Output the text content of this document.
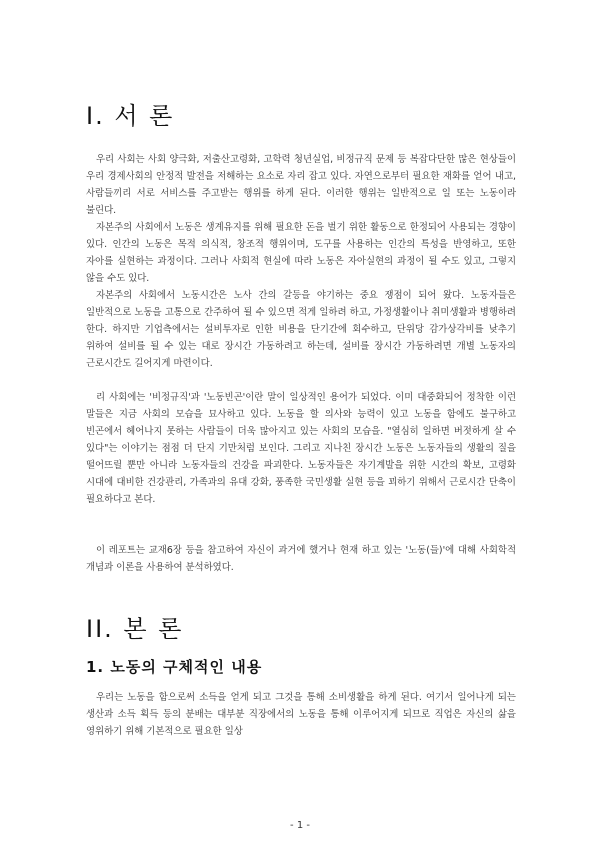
I. 서 론

우리 사회는 사회 양극화, 저출산고령화, 고학력 청년실업, 비정규직 문제 등 복잡다단한 많은 현상들이 우리 경제사회의 안정적 발전을 저해하는 요소로 자리 잡고 있다. 자연으로부터 필요한 재화를 얻어 내고, 사람들끼리 서로 서비스를 주고받는 행위를 하게 된다. 이러한 행위는 일반적으로 일 또는 노동이라 불린다.

자본주의 사회에서 노동은 생계유지를 위해 필요한 돈을 벌기 위한 활동으로 한정되어 사용되는 경향이 있다. 인간의 노동은 목적 의식적, 창조적 행위이며, 도구를 사용하는 인간의 특성을 반영하고, 또한 자아를 실현하는 과정이다. 그러나 사회적 현실에 따라 노동은 자아실현의 과정이 될 수도 있고, 그렇지 않을 수도 있다.

자본주의 사회에서 노동시간은 노사 간의 갈등을 야기하는 중요 쟁점이 되어 왔다. 노동자들은 일반적으로 노동을 고통으로 간주하여 될 수 있으면 적게 일하려 하고, 가정생활이나 취미생활과 병행하려 한다. 하지만 기업측에서는 설비투자로 인한 비용을 단기간에 회수하고, 단위당 감가상각비를 낮추기 위하여 설비를 될 수 있는 대로 장시간 가동하려고 하는데, 설비를 장시간 가동하려면 개별 노동자의 근로시간도 길어지게 마련이다.

리 사회에는 '비정규직'과 '노동빈곤'이란 말이 일상적인 용어가 되었다. 이미 대중화되어 정착한 이런 말들은 지금 사회의 모습을 묘사하고 있다. 노동을 할 의사와 능력이 있고 노동을 함에도 불구하고 빈곤에서 헤어나지 못하는 사람들이 더욱 많아지고 있는 사회의 모습을. "열심히 일하면 버젓하게 살 수 있다"는 이야기는 점점 더 단지 기만처럼 보인다. 그리고 지나친 장시간 노동은 노동자들의 생활의 질을 떨어뜨릴 뿐만 아니라 노동자들의 건강을 파괴한다. 노동자들은 자기계발을 위한 시간의 확보, 고령화 시대에 대비한 건강관리, 가족과의 유대 강화, 풍족한 국민생활 실현 등을 꾀하기 위해서 근로시간 단축이 필요하다고 본다.

이 레포트는 교재6장 등을 참고하여 자신이 과거에 했거나 현재 하고 있는 '노동(들)'에 대해 사회학적 개념과 이론을 사용하여 분석하였다.

II. 본 론
1. 노동의 구체적인 내용

우리는 노동을 함으로써 소득을 얻게 되고 그것을 통해 소비생활을 하게 된다. 여기서 일어나게 되는 생산과 소득 획득 등의 분배는 대부분 직장에서의 노동을 통해 이루어지게 되므로 직업은 자신의 삶을 영위하기 위해 기본적으로 필요한 일상

- 1 -
